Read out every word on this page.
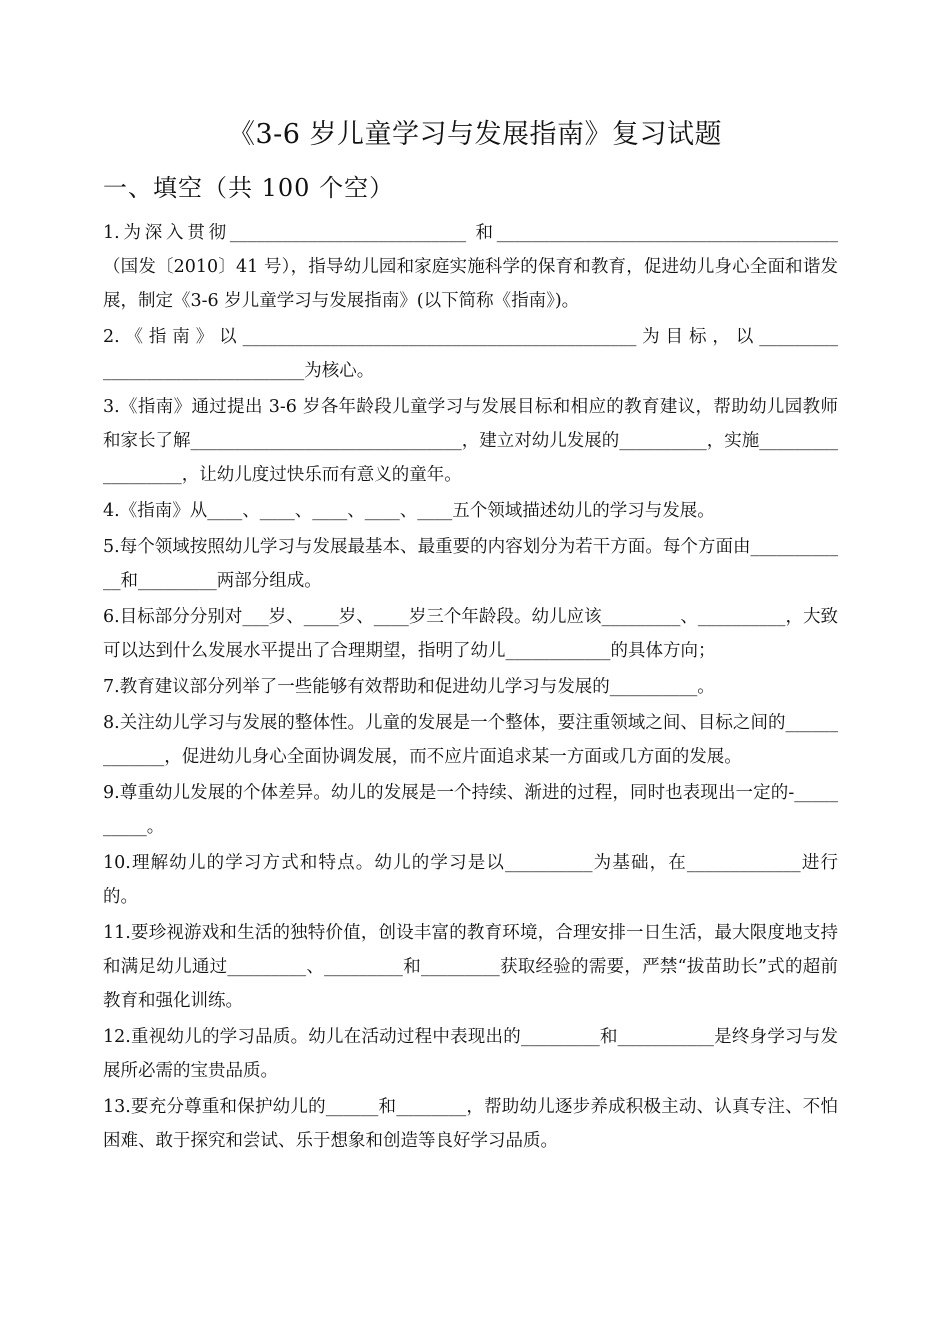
《3-6 岁儿童学习与发展指南》复习试题
一、填空（共 100 个空）

1.为深入贯彻___________________________ 和_______________________________________（国发〔2010〕41 号），指导幼儿园和家庭实施科学的保育和教育，促进幼儿身心全面和谐发展，制定《3-6 岁儿童学习与发展指南》(以下简称《指南》)。

2. 《 指 南 》 以 _____________________________________________ 为 目 标 ， 以 ________________________________为核心。

3.《指南》通过提出 3-6 岁各年龄段儿童学习与发展目标和相应的教育建议，帮助幼儿园教师和家长了解_______________________________，建立对幼儿发展的__________，实施__________________，让幼儿度过快乐而有意义的童年。

4.《指南》从____、____、____、____、____五个领域描述幼儿的学习与发展。

5.每个领域按照幼儿学习与发展最基本、最重要的内容划分为若干方面。每个方面由____________和_________两部分组成。

6.目标部分分别对___岁、____岁、____岁三个年龄段。幼儿应该_________、__________，大致可以达到什么发展水平提出了合理期望，指明了幼儿____________的具体方向；

7.教育建议部分列举了一些能够有效帮助和促进幼儿学习与发展的__________。

8.关注幼儿学习与发展的整体性。儿童的发展是一个整体，要注重领域之间、目标之间的_____________，促进幼儿身心全面协调发展，而不应片面追求某一方面或几方面的发展。

9.尊重幼儿发展的个体差异。幼儿的发展是一个持续、渐进的过程，同时也表现出一定的-__________。

10.理解幼儿的学习方式和特点。幼儿的学习是以__________为基础，在_____________进行的。

11.要珍视游戏和生活的独特价值，创设丰富的教育环境，合理安排一日生活，最大限度地支持和满足幼儿通过_________、_________和_________获取经验的需要，严禁“拔苗助长”式的超前教育和强化训练。

12.重视幼儿的学习品质。幼儿在活动过程中表现出的_________和___________是终身学习与发展所必需的宝贵品质。

13.要充分尊重和保护幼儿的______和________，帮助幼儿逐步养成积极主动、认真专注、不怕困难、敢于探究和尝试、乐于想象和创造等良好学习品质。
